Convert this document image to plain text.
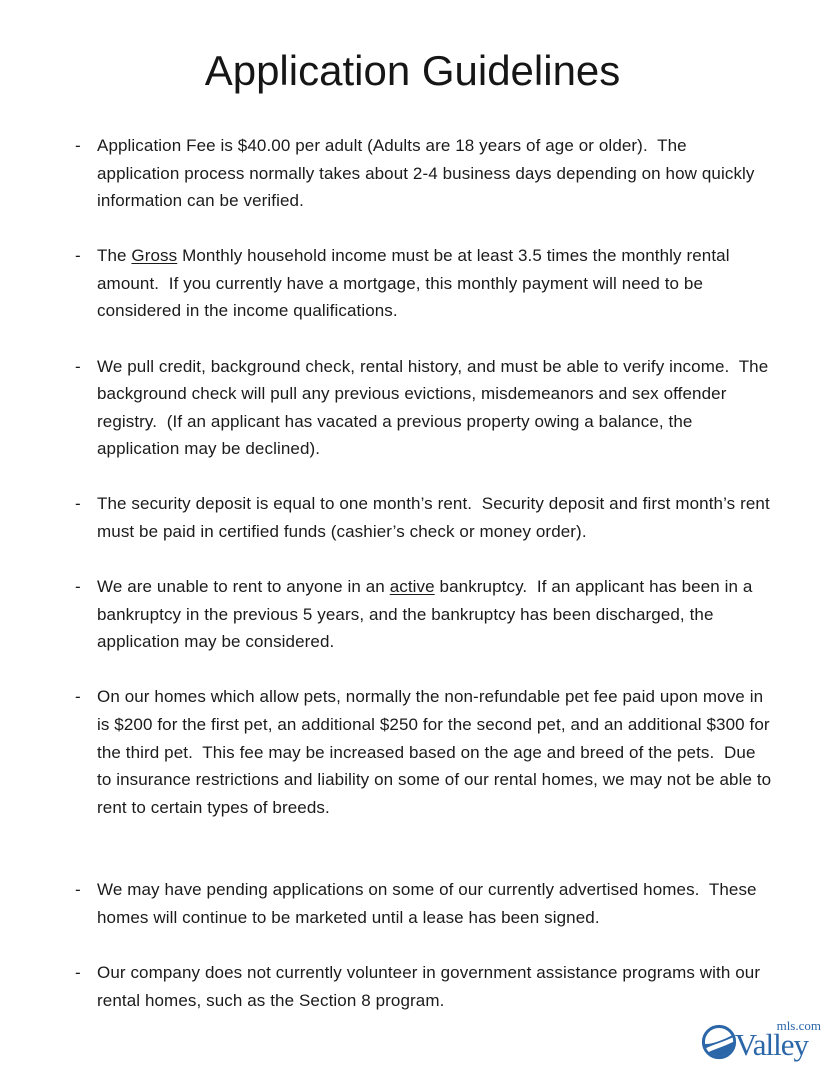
Application Guidelines
- Application Fee is $40.00 per adult (Adults are 18 years of age or older).  The application process normally takes about 2-4 business days depending on how quickly information can be verified.

- The Gross Monthly household income must be at least 3.5 times the monthly rental amount.  If you currently have a mortgage, this monthly payment will need to be considered in the income qualifications.

- We pull credit, background check, rental history, and must be able to verify income.  The background check will pull any previous evictions, misdemeanors and sex offender registry.  (If an applicant has vacated a previous property owing a balance, the application may be declined).

- The security deposit is equal to one month’s rent.  Security deposit and first month’s rent must be paid in certified funds (cashier’s check or money order).

- We are unable to rent to anyone in an active bankruptcy.  If an applicant has been in a bankruptcy in the previous 5 years, and the bankruptcy has been discharged, the application may be considered.

- On our homes which allow pets, normally the non-refundable pet fee paid upon move in is $200 for the first pet, an additional $250 for the second pet, and an additional $300 for the third pet.  This fee may be increased based on the age and breed of the pets.  Due to insurance restrictions and liability on some of our rental homes, we may not be able to rent to certain types of breeds.

- We may have pending applications on some of our currently advertised homes.  These homes will continue to be marketed until a lease has been signed.

- Our company does not currently volunteer in government assistance programs with our rental homes, such as the Section 8 program.

Valley
mls.com
